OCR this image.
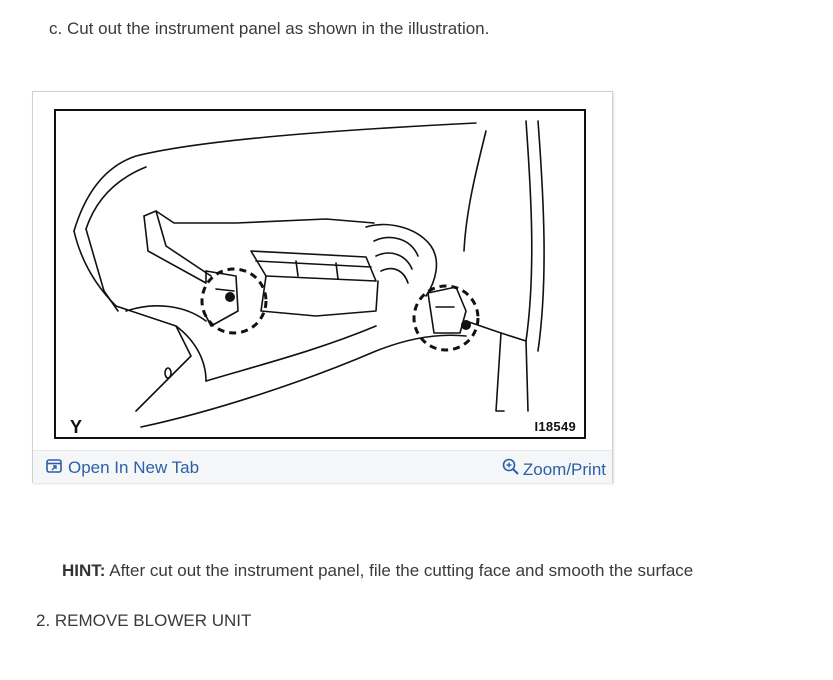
c. Cut out the instrument panel as shown in the illustration.
Y	I18549
Open In New Tab	Zoom/Print
HINT: After cut out the instrument panel, file the cutting face and smooth the surface
2. REMOVE BLOWER UNIT
